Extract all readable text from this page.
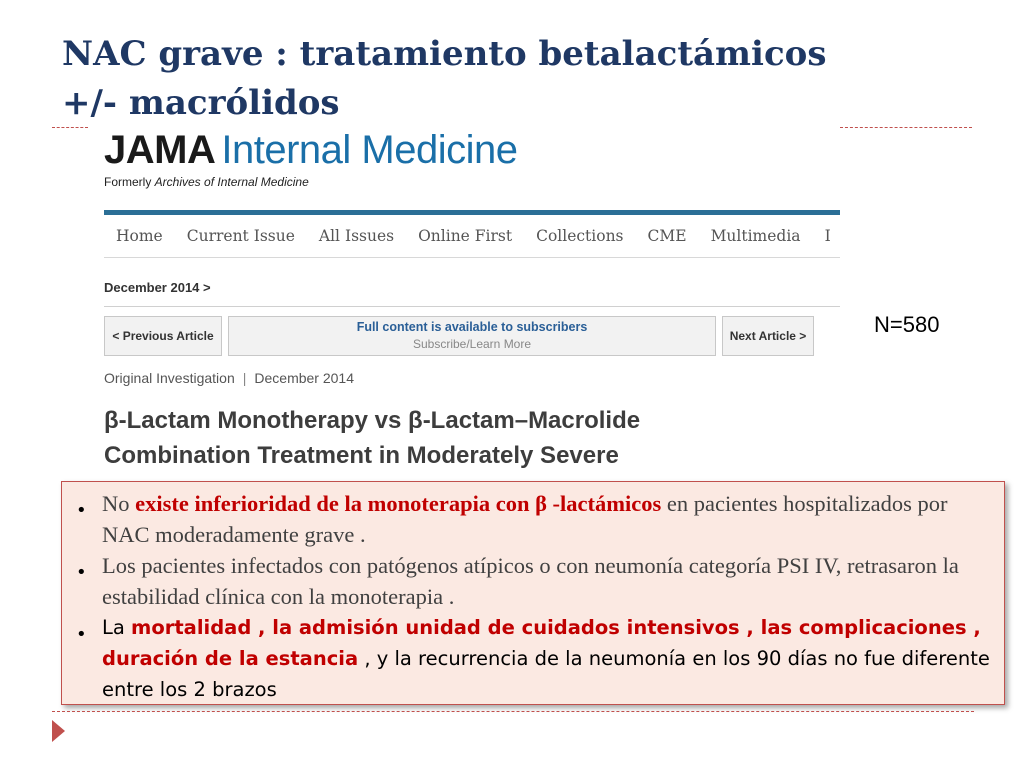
NAC grave : tratamiento betalactámicos
+/- macrólidos
JAMA Internal Medicine
Formerly Archives of Internal Medicine
Home	Current Issue	All Issues	Online First	Collections	CME	Multimedia	I
December 2014 >
< Previous Article
Full content is available to subscribers
Subscribe/Learn More
Next Article >
Original Investigation | December 2014
β-Lactam Monotherapy vs β-Lactam–Macrolide
Combination Treatment in Moderately Severe
N=580
• No existe inferioridad de la monoterapia con β -lactámicos en pacientes hospitalizados por NAC moderadamente grave .
• Los pacientes infectados con patógenos atípicos o con neumonía categoría PSI IV, retrasaron la estabilidad clínica con la monoterapia .
• La mortalidad , la admisión unidad de cuidados intensivos , las complicaciones , duración de la estancia , y la recurrencia de la neumonía en los 90 días no fue diferente entre los 2 brazos
